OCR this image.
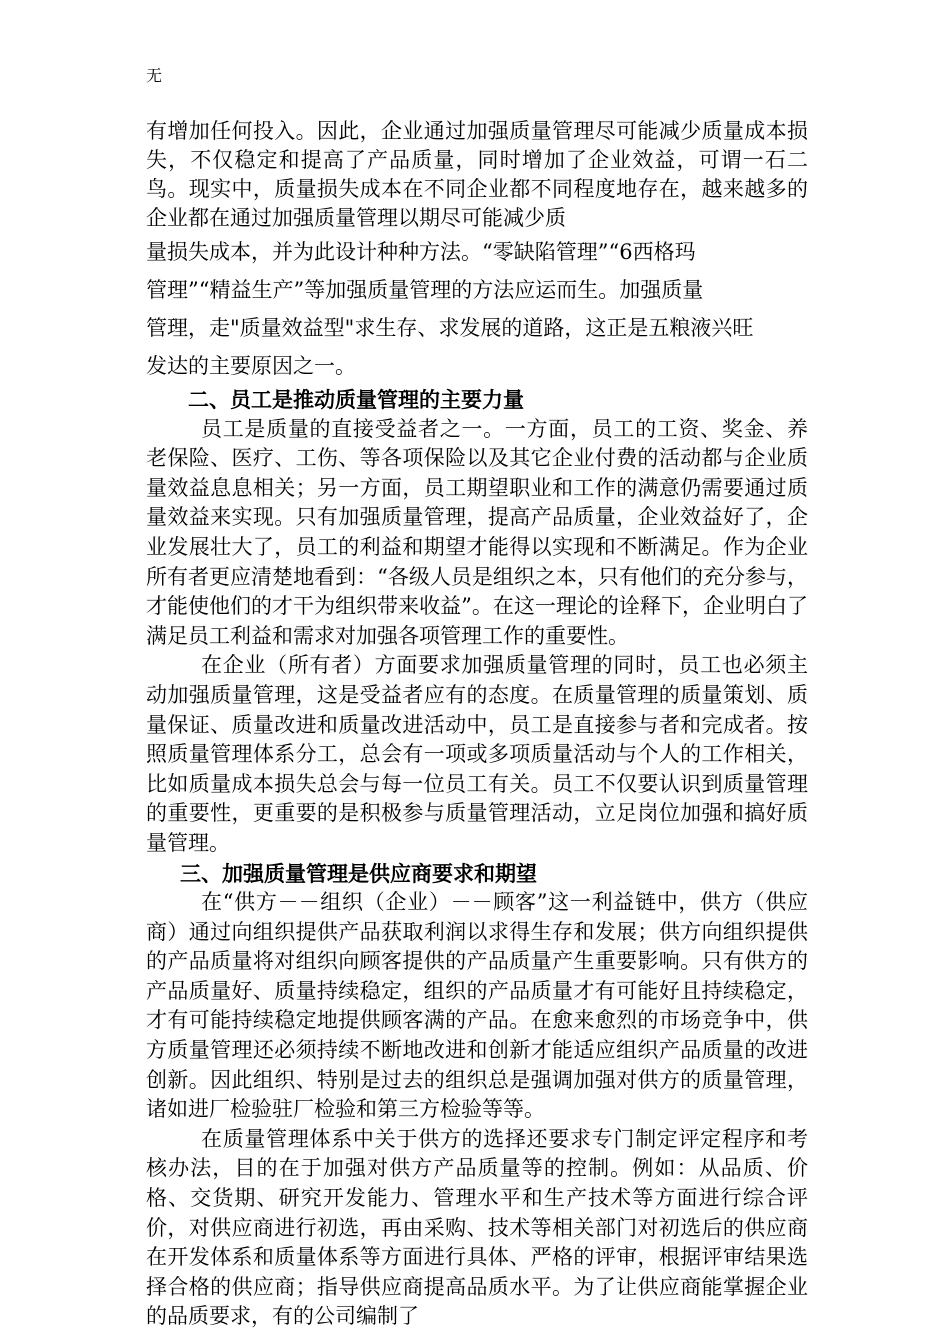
无

有增加任何投入。因此，企业通过加强质量管理尽可能减少质量成本损失，不仅稳定和提高了产品质量，同时增加了企业效益，可谓一石二鸟。现实中，质量损失成本在不同企业都不同程度地存在，越来越多的企业都在通过加强质量管理以期尽可能减少质
量损失成本，并为此设计种种方法。“零缺陷管理”“6西格玛
管理”“精益生产”等加强质量管理的方法应运而生。加强质量
管理，走"质量效益型"求生存、求发展的道路，这正是五粮液兴旺
发达的主要原因之一。

二、员工是推动质量管理的主要力量

员工是质量的直接受益者之一。一方面，员工的工资、奖金、养老保险、医疗、工伤、等各项保险以及其它企业付费的活动都与企业质量效益息息相关；另一方面，员工期望职业和工作的满意仍需要通过质量效益来实现。只有加强质量管理，提高产品质量，企业效益好了，企业发展壮大了，员工的利益和期望才能得以实现和不断满足。作为企业所有者更应清楚地看到：“各级人员是组织之本，只有他们的充分参与，才能使他们的才干为组织带来收益”。在这一理论的诠释下，企业明白了满足员工利益和需求对加强各项管理工作的重要性。

在企业（所有者）方面要求加强质量管理的同时，员工也必须主动加强质量管理，这是受益者应有的态度。在质量管理的质量策划、质量保证、质量改进和质量改进活动中，员工是直接参与者和完成者。按照质量管理体系分工，总会有一项或多项质量活动与个人的工作相关，比如质量成本损失总会与每一位员工有关。员工不仅要认识到质量管理的重要性，更重要的是积极参与质量管理活动，立足岗位加强和搞好质量管理。

三、加强质量管理是供应商要求和期望

在“供方－－组织（企业）－－顾客”这一利益链中，供方（供应商）通过向组织提供产品获取利润以求得生存和发展；供方向组织提供的产品质量将对组织向顾客提供的产品质量产生重要影响。只有供方的产品质量好、质量持续稳定，组织的产品质量才有可能好且持续稳定，才有可能持续稳定地提供顾客满的产品。在愈来愈烈的市场竞争中，供方质量管理还必须持续不断地改进和创新才能适应组织产品质量的改进创新。因此组织、特别是过去的组织总是强调加强对供方的质量管理，诸如进厂检验驻厂检验和第三方检验等等。

在质量管理体系中关于供方的选择还要求专门制定评定程序和考核办法，目的在于加强对供方产品质量等的控制。例如：从品质、价格、交货期、研究开发能力、管理水平和生产技术等方面进行综合评价，对供应商进行初选，再由采购、技术等相关部门对初选后的供应商在开发体系和质量体系等方面进行具体、严格的评审，根据评审结果选择合格的供应商；指导供应商提高品质水平。为了让供应商能掌握企业的品质要求，有的公司编制了
